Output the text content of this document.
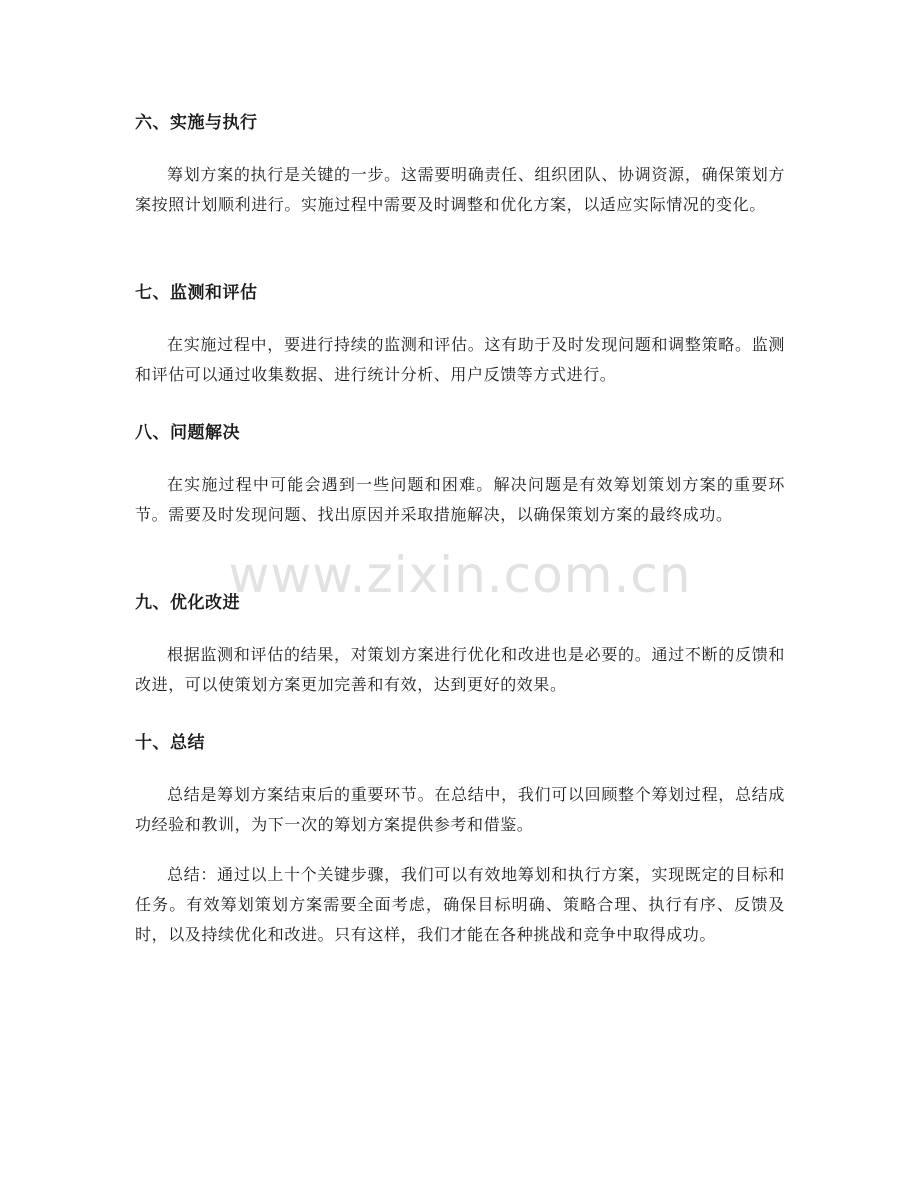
六、实施与执行

筹划方案的执行是关键的一步。这需要明确责任、组织团队、协调资源，确保策划方案按照计划顺利进行。实施过程中需要及时调整和优化方案，以适应实际情况的变化。

七、监测和评估

在实施过程中，要进行持续的监测和评估。这有助于及时发现问题和调整策略。监测和评估可以通过收集数据、进行统计分析、用户反馈等方式进行。

八、问题解决

在实施过程中可能会遇到一些问题和困难。解决问题是有效筹划策划方案的重要环节。需要及时发现问题、找出原因并采取措施解决，以确保策划方案的最终成功。

九、优化改进

根据监测和评估的结果，对策划方案进行优化和改进也是必要的。通过不断的反馈和改进，可以使策划方案更加完善和有效，达到更好的效果。

十、总结

总结是筹划方案结束后的重要环节。在总结中，我们可以回顾整个筹划过程，总结成功经验和教训，为下一次的筹划方案提供参考和借鉴。

总结：通过以上十个关键步骤，我们可以有效地筹划和执行方案，实现既定的目标和任务。有效筹划策划方案需要全面考虑，确保目标明确、策略合理、执行有序、反馈及时，以及持续优化和改进。只有这样，我们才能在各种挑战和竞争中取得成功。

www.zixin.com.cn
